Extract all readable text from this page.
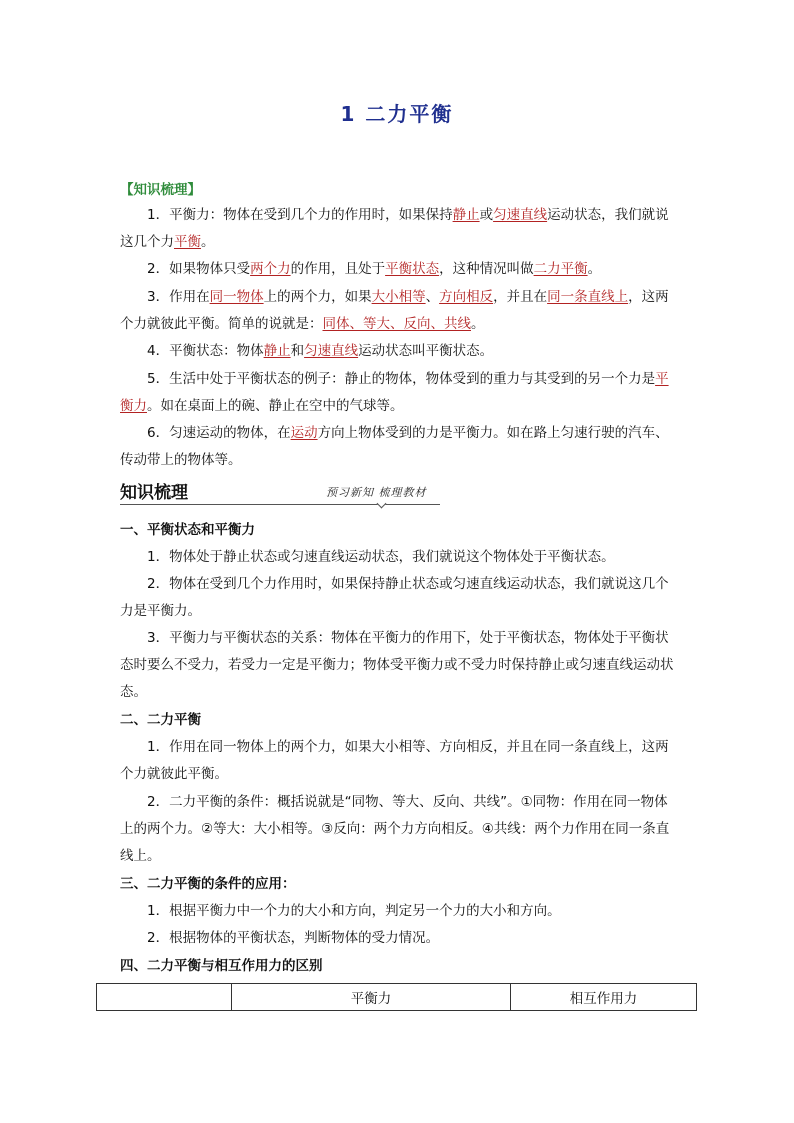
1 二力平衡
【知识梳理】
1．平衡力：物体在受到几个力的作用时，如果保持静止或匀速直线运动状态，我们就说这几个力平衡。
2．如果物体只受两个力的作用，且处于平衡状态，这种情况叫做二力平衡。
3．作用在同一物体上的两个力，如果大小相等、方向相反，并且在同一条直线上，这两个力就彼此平衡。简单的说就是：同体、等大、反向、共线。
4．平衡状态：物体静止和匀速直线运动状态叫平衡状态。
5．生活中处于平衡状态的例子：静止的物体，物体受到的重力与其受到的另一个力是平衡力。如在桌面上的碗、静止在空中的气球等。
6．匀速运动的物体，在运动方向上物体受到的力是平衡力。如在路上匀速行驶的汽车、传动带上的物体等。
知识梳理	预习新知 梳理教材
一、平衡状态和平衡力
1．物体处于静止状态或匀速直线运动状态，我们就说这个物体处于平衡状态。
2．物体在受到几个力作用时，如果保持静止状态或匀速直线运动状态，我们就说这几个力是平衡力。
3．平衡力与平衡状态的关系：物体在平衡力的作用下，处于平衡状态，物体处于平衡状态时要么不受力，若受力一定是平衡力；物体受平衡力或不受力时保持静止或匀速直线运动状态。
二、二力平衡
1．作用在同一物体上的两个力，如果大小相等、方向相反，并且在同一条直线上，这两个力就彼此平衡。
2．二力平衡的条件：概括说就是“同物、等大、反向、共线”。①同物：作用在同一物体上的两个力。②等大：大小相等。③反向：两个力方向相反。④共线：两个力作用在同一条直线上。
三、二力平衡的条件的应用：
1．根据平衡力中一个力的大小和方向，判定另一个力的大小和方向。
2．根据物体的平衡状态，判断物体的受力情况。
四、二力平衡与相互作用力的区别
	平衡力	相互作用力
